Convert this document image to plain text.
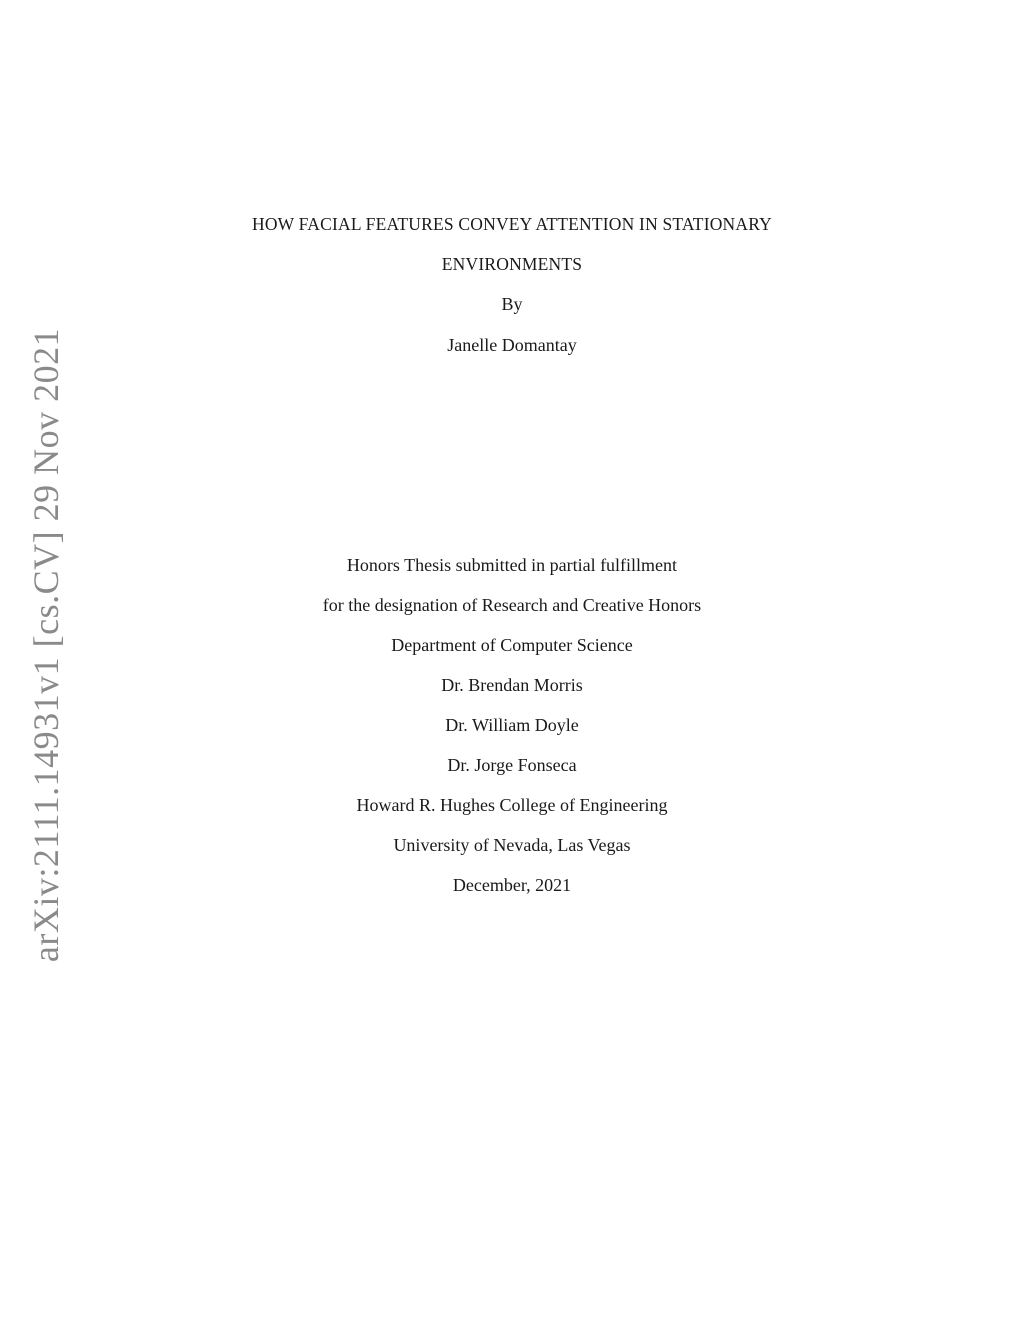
arXiv:2111.14931v1 [cs.CV] 29 Nov 2021
HOW FACIAL FEATURES CONVEY ATTENTION IN STATIONARY
ENVIRONMENTS
By
Janelle Domantay
Honors Thesis submitted in partial fulfillment
for the designation of Research and Creative Honors
Department of Computer Science
Dr. Brendan Morris
Dr. William Doyle
Dr. Jorge Fonseca
Howard R. Hughes College of Engineering
University of Nevada, Las Vegas
December, 2021
